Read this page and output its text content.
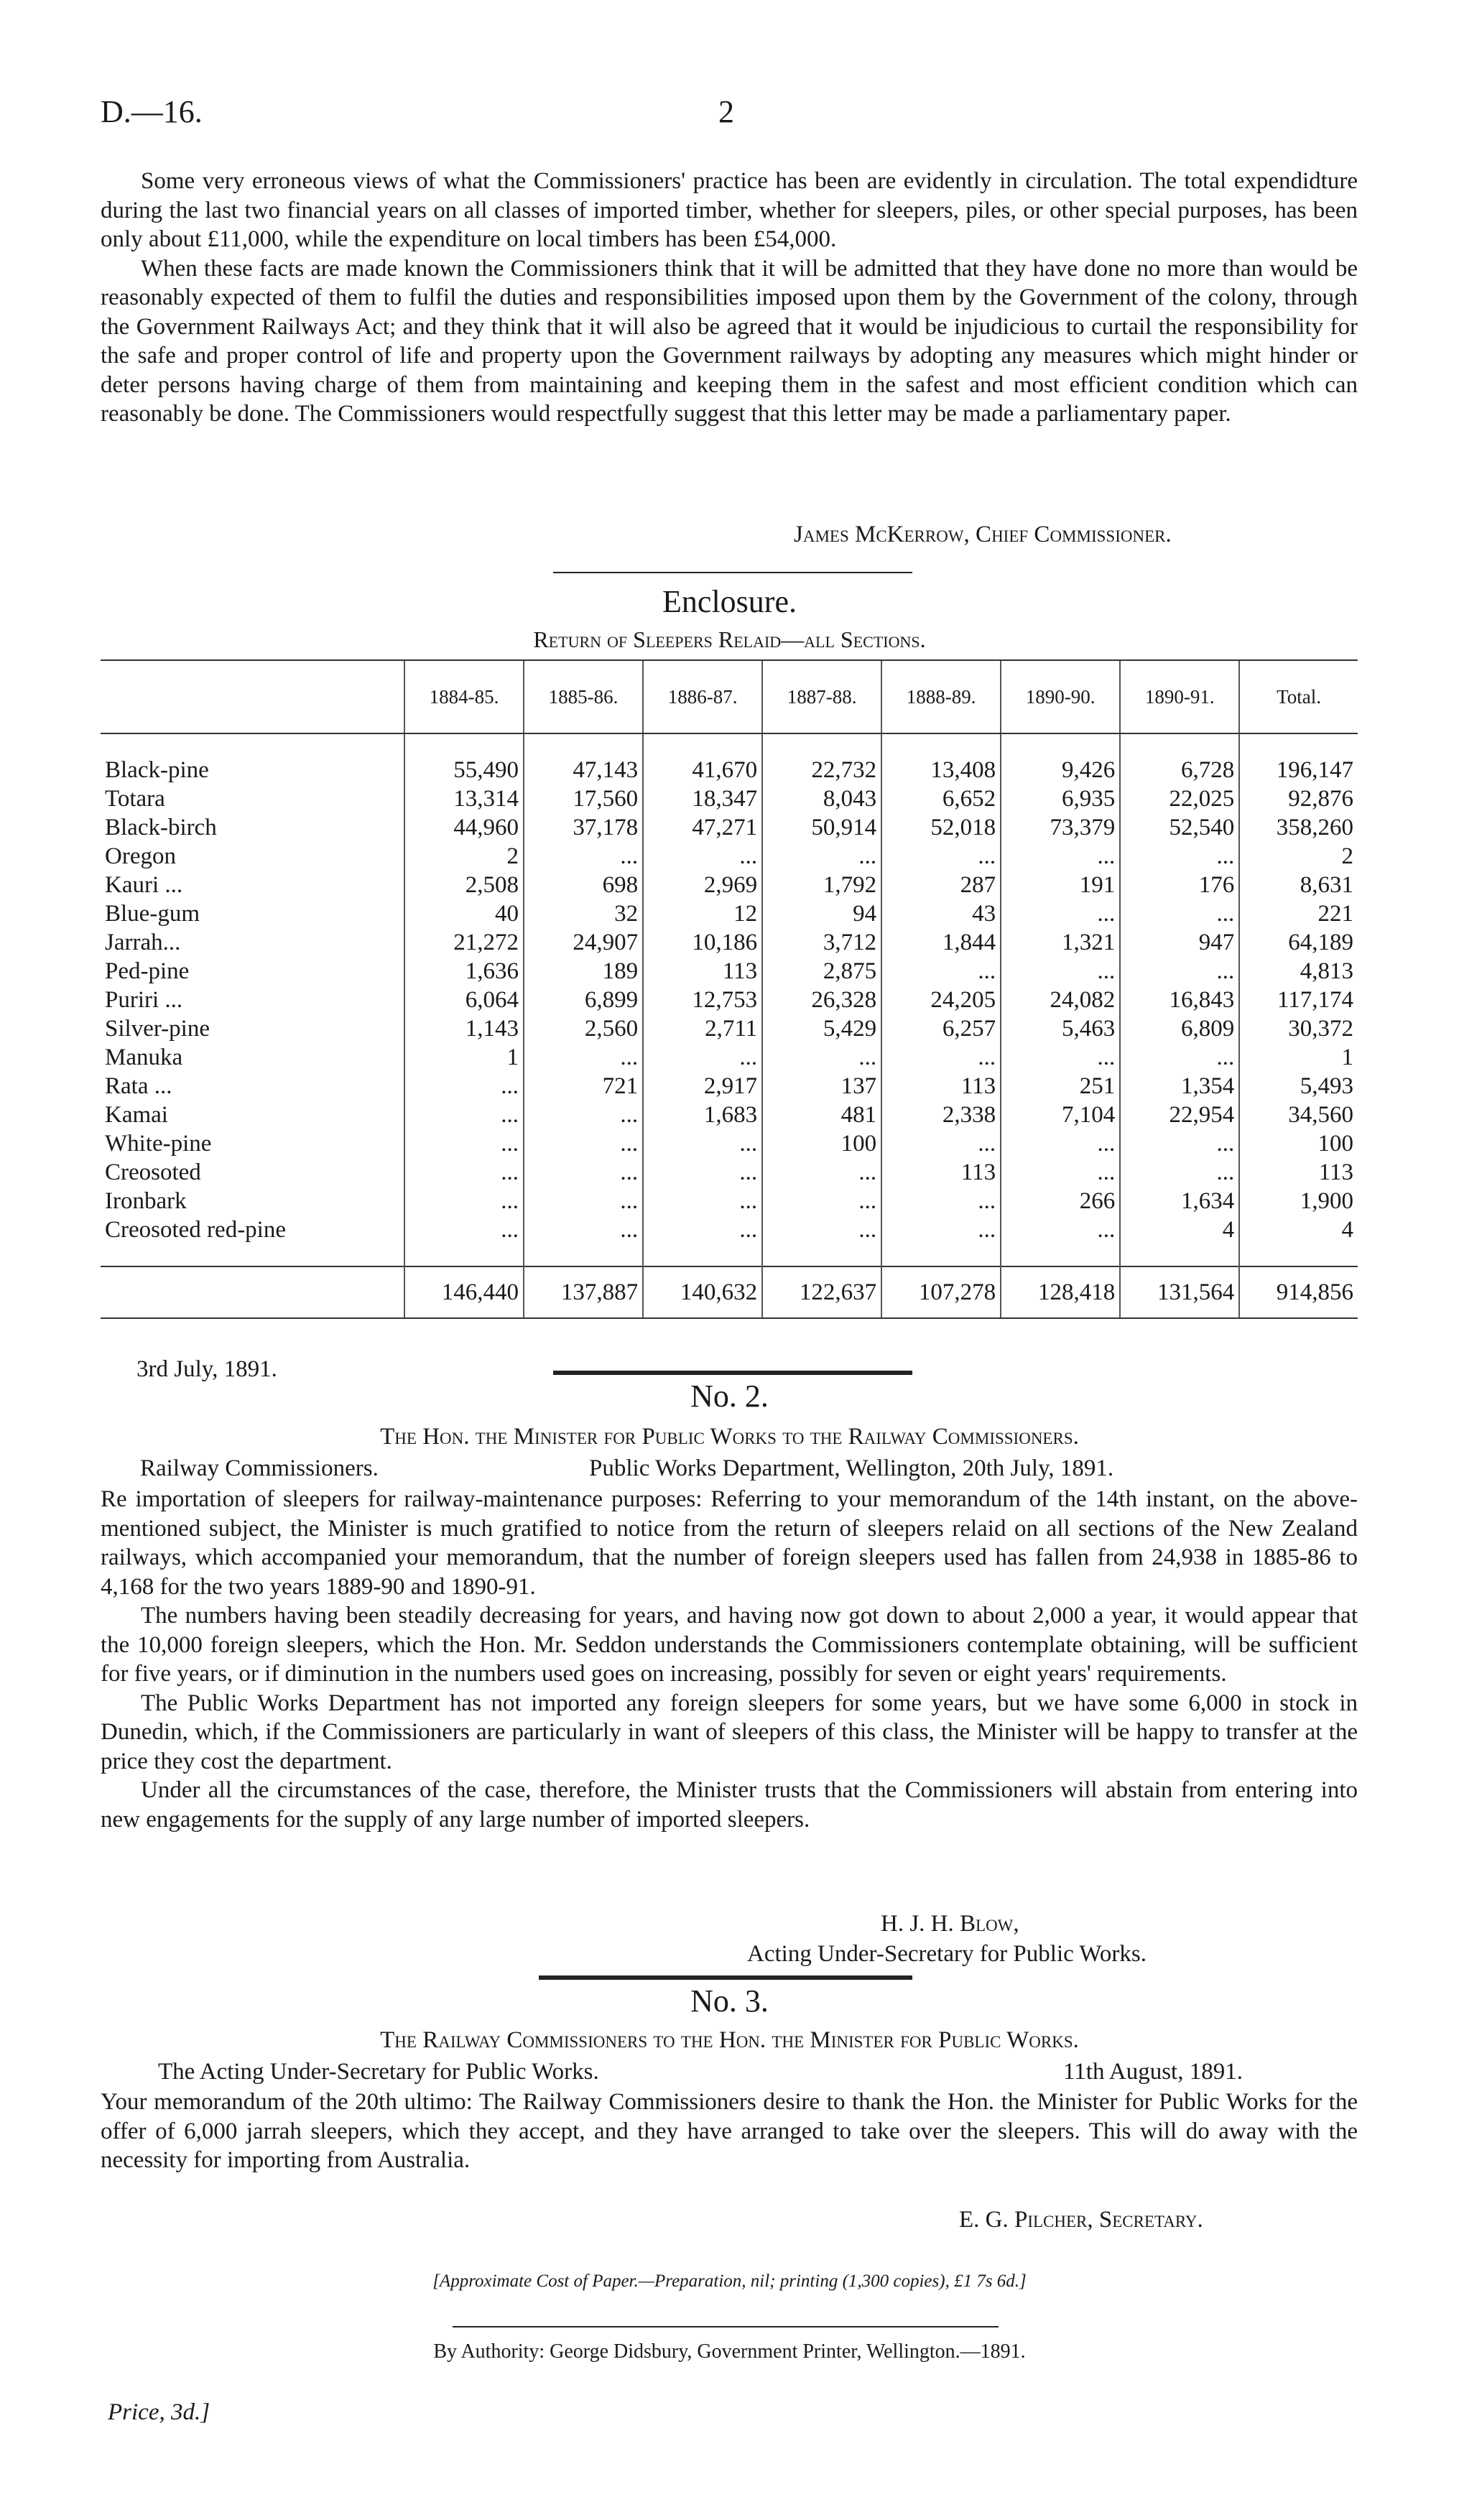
D.—16.	2

Some very erroneous views of what the Commissioners' practice has been are evidently in circulation. The total expendidture during the last two financial years on all classes of imported timber, whether for sleepers, piles, or other special purposes, has been only about £11,000, while the expenditure on local timbers has been £54,000.

When these facts are made known the Commissioners think that it will be admitted that they have done no more than would be reasonably expected of them to fulfil the duties and responsibilities imposed upon them by the Government of the colony, through the Government Railways Act; and they think that it will also be agreed that it would be injudicious to curtail the responsibility for the safe and proper control of life and property upon the Government railways by adopting any measures which might hinder or deter persons having charge of them from maintaining and keeping them in the safest and most efficient condition which can reasonably be done. The Commissioners would respectfully suggest that this letter may be made a parliamentary paper.

James McKerrow, Chief Commissioner.
Enclosure.
Return of Sleepers Relaid—all Sections.
	1884-85.	1885-86.	1886-87.	1887-88.	1888-89.	1890-90.	1890-91.	Total.

Black-pine	55,490	47,143	41,670	22,732	13,408	9,426	6,728	196,147
Totara	13,314	17,560	18,347	8,043	6,652	6,935	22,025	92,876
Black-birch	44,960	37,178	47,271	50,914	52,018	73,379	52,540	358,260
Oregon	2	...	...	...	...	...	...	2
Kauri ...	2,508	698	2,969	1,792	287	191	176	8,631
Blue-gum	40	32	12	94	43	...	...	221
Jarrah...	21,272	24,907	10,186	3,712	1,844	1,321	947	64,189
Ped-pine	1,636	189	113	2,875	...	...	...	4,813
Puriri ...	6,064	6,899	12,753	26,328	24,205	24,082	16,843	117,174
Silver-pine	1,143	2,560	2,711	5,429	6,257	5,463	6,809	30,372
Manuka	1	...	...	...	...	...	...	1
Rata ...	...	721	2,917	137	113	251	1,354	5,493
Kamai	...	...	1,683	481	2,338	7,104	22,954	34,560
White-pine	...	...	...	100	...	...	...	100
Creosoted	...	...	...	...	113	...	...	113
Ironbark	...	...	...	...	...	266	1,634	1,900
Creosoted red-pine	...	...	...	...	...	...	4	4

	146,440	137,887	140,632	122,637	107,278	128,418	131,564	914,856
3rd July, 1891.
No. 2.
The Hon. the Minister for Public Works to the Railway Commissioners.
Railway Commissioners.	Public Works Department, Wellington, 20th July, 1891.

Re importation of sleepers for railway-maintenance purposes: Referring to your memorandum of the 14th instant, on the above-mentioned subject, the Minister is much gratified to notice from the return of sleepers relaid on all sections of the New Zealand railways, which accompanied your memorandum, that the number of foreign sleepers used has fallen from 24,938 in 1885-86 to 4,168 for the two years 1889-90 and 1890-91.

The numbers having been steadily decreasing for years, and having now got down to about 2,000 a year, it would appear that the 10,000 foreign sleepers, which the Hon. Mr. Seddon understands the Commissioners contemplate obtaining, will be sufficient for five years, or if diminution in the numbers used goes on increasing, possibly for seven or eight years' requirements.

The Public Works Department has not imported any foreign sleepers for some years, but we have some 6,000 in stock in Dunedin, which, if the Commissioners are particularly in want of sleepers of this class, the Minister will be happy to transfer at the price they cost the department.

Under all the circumstances of the case, therefore, the Minister trusts that the Commissioners will abstain from entering into new engagements for the supply of any large number of imported sleepers.

H. J. H. Blow,
Acting Under-Secretary for Public Works.
No. 3.
The Railway Commissioners to the Hon. the Minister for Public Works.
The Acting Under-Secretary for Public Works.	11th August, 1891.

Your memorandum of the 20th ultimo: The Railway Commissioners desire to thank the Hon. the Minister for Public Works for the offer of 6,000 jarrah sleepers, which they accept, and they have arranged to take over the sleepers. This will do away with the necessity for importing from Australia.

E. G. Pilcher, Secretary.
[Approximate Cost of Paper.—Preparation, nil; printing (1,300 copies), £1 7s 6d.]
By Authority: George Didsbury, Government Printer, Wellington.—1891.
Price, 3d.]
